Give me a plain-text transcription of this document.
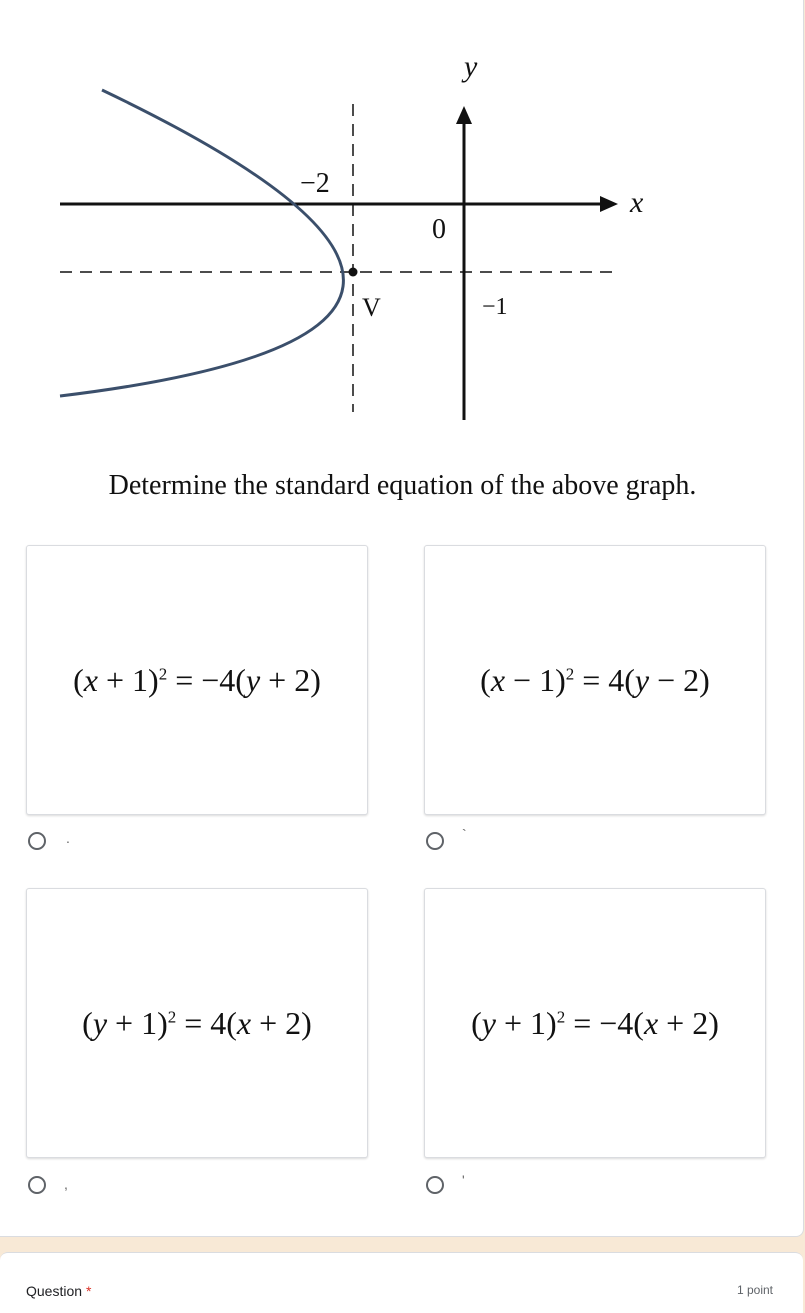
y
x
0
−2
−1
V
Determine the standard equation of the above graph.
$(x + 1)^2 = -4(y + 2)$
.
$(x - 1)^2 = 4(y - 2)$
`
$(y + 1)^2 = 4(x + 2)$
,
$(y + 1)^2 = -4(x + 2)$
'
Question *	1 point
